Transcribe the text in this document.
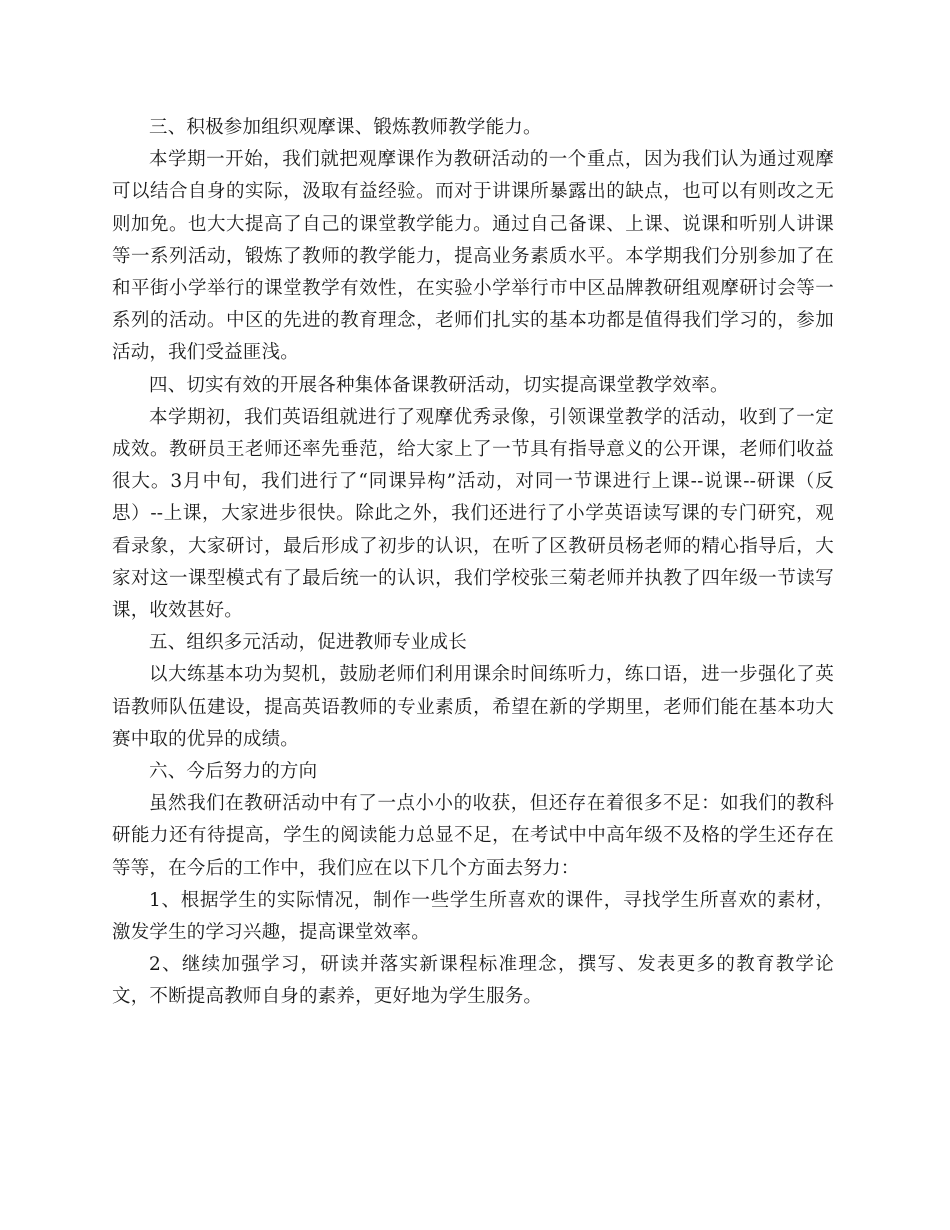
三、积极参加组织观摩课、锻炼教师教学能力。

本学期一开始，我们就把观摩课作为教研活动的一个重点，因为我们认为通过观摩可以结合自身的实际，汲取有益经验。而对于讲课所暴露出的缺点，也可以有则改之无则加免。也大大提高了自己的课堂教学能力。通过自己备课、上课、说课和听别人讲课等一系列活动，锻炼了教师的教学能力，提高业务素质水平。本学期我们分别参加了在和平街小学举行的课堂教学有效性，在实验小学举行市中区品牌教研组观摩研讨会等一系列的活动。中区的先进的教育理念，老师们扎实的基本功都是值得我们学习的，参加活动，我们受益匪浅。

四、切实有效的开展各种集体备课教研活动，切实提高课堂教学效率。

本学期初，我们英语组就进行了观摩优秀录像，引领课堂教学的活动，收到了一定成效。教研员王老师还率先垂范，给大家上了一节具有指导意义的公开课，老师们收益很大。3月中旬，我们进行了“同课异构”活动，对同一节课进行上课--说课--研课（反思）--上课，大家进步很快。除此之外，我们还进行了小学英语读写课的专门研究，观看录象，大家研讨，最后形成了初步的认识，在听了区教研员杨老师的精心指导后，大家对这一课型模式有了最后统一的认识，我们学校张三菊老师并执教了四年级一节读写课，收效甚好。

五、组织多元活动，促进教师专业成长

以大练基本功为契机，鼓励老师们利用课余时间练听力，练口语，进一步强化了英语教师队伍建设，提高英语教师的专业素质，希望在新的学期里，老师们能在基本功大赛中取的优异的成绩。

六、今后努力的方向

虽然我们在教研活动中有了一点小小的收获，但还存在着很多不足：如我们的教科研能力还有待提高，学生的阅读能力总显不足，在考试中中高年级不及格的学生还存在等等，在今后的工作中，我们应在以下几个方面去努力：

1、根据学生的实际情况，制作一些学生所喜欢的课件，寻找学生所喜欢的素材，激发学生的学习兴趣，提高课堂效率。

2、继续加强学习，研读并落实新课程标准理念，撰写、发表更多的教育教学论文，不断提高教师自身的素养，更好地为学生服务。
